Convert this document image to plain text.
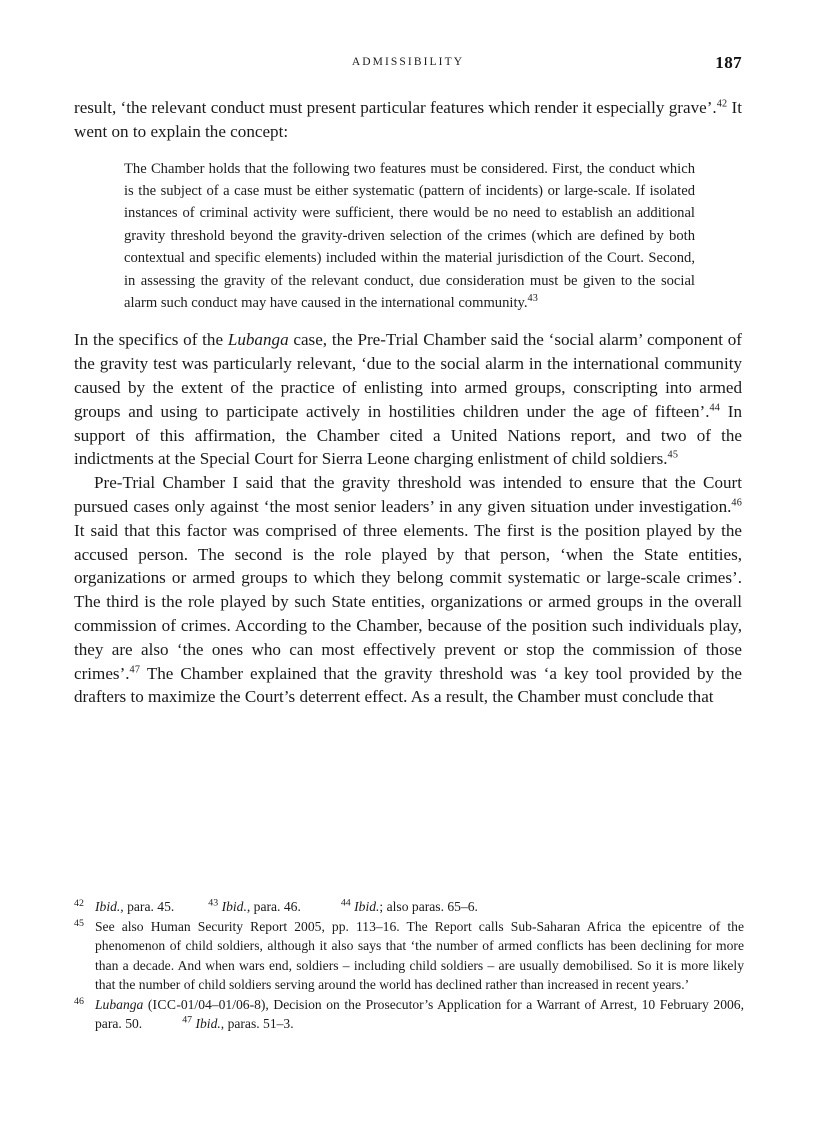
ADMISSIBILITY	187

result, ‘the relevant conduct must present particular features which render it especially grave’.$^{42}$ It went on to explain the concept:

The Chamber holds that the following two features must be considered. First, the conduct which is the subject of a case must be either systematic (pattern of incidents) or large-scale. If isolated instances of criminal activity were sufficient, there would be no need to establish an additional gravity threshold beyond the gravity-driven selection of the crimes (which are defined by both contextual and specific elements) included within the material jurisdiction of the Court. Second, in assessing the gravity of the relevant conduct, due consideration must be given to the social alarm such conduct may have caused in the international community.$^{43}$

In the specifics of the Lubanga case, the Pre-Trial Chamber said the ‘social alarm’ component of the gravity test was particularly relevant, ‘due to the social alarm in the international community caused by the extent of the practice of enlisting into armed groups, conscripting into armed groups and using to participate actively in hostilities children under the age of fifteen’.$^{44}$ In support of this affirmation, the Chamber cited a United Nations report, and two of the indictments at the Special Court for Sierra Leone charging enlistment of child soldiers.$^{45}$

Pre-Trial Chamber I said that the gravity threshold was intended to ensure that the Court pursued cases only against ‘the most senior leaders’ in any given situation under investigation.$^{46}$ It said that this factor was comprised of three elements. The first is the position played by the accused person. The second is the role played by that person, ‘when the State entities, organizations or armed groups to which they belong commit systematic or large-scale crimes’. The third is the role played by such State entities, organizations or armed groups in the overall commission of crimes. According to the Chamber, because of the position such individuals play, they are also ‘the ones who can most effectively prevent or stop the commission of those crimes’.$^{47}$ The Chamber explained that the gravity threshold was ‘a key tool provided by the drafters to maximize the Court’s deterrent effect. As a result, the Chamber must conclude that

42 Ibid., para. 45.	$^{43}$ Ibid., para. 46.	$^{44}$ Ibid.; also paras. 65–6.
45 See also Human Security Report 2005, pp. 113–16. The Report calls Sub-Saharan Africa the epicentre of the phenomenon of child soldiers, although it also says that ‘the number of armed conflicts has been declining for more than a decade. And when wars end, soldiers – including child soldiers – are usually demobilised. So it is more likely that the number of child soldiers serving around the world has declined rather than increased in recent years.’
46 Lubanga (ICC-01/04–01/06-8), Decision on the Prosecutor’s Application for a Warrant of Arrest, 10 February 2006, para. 50.	$^{47}$ Ibid., paras. 51–3.
